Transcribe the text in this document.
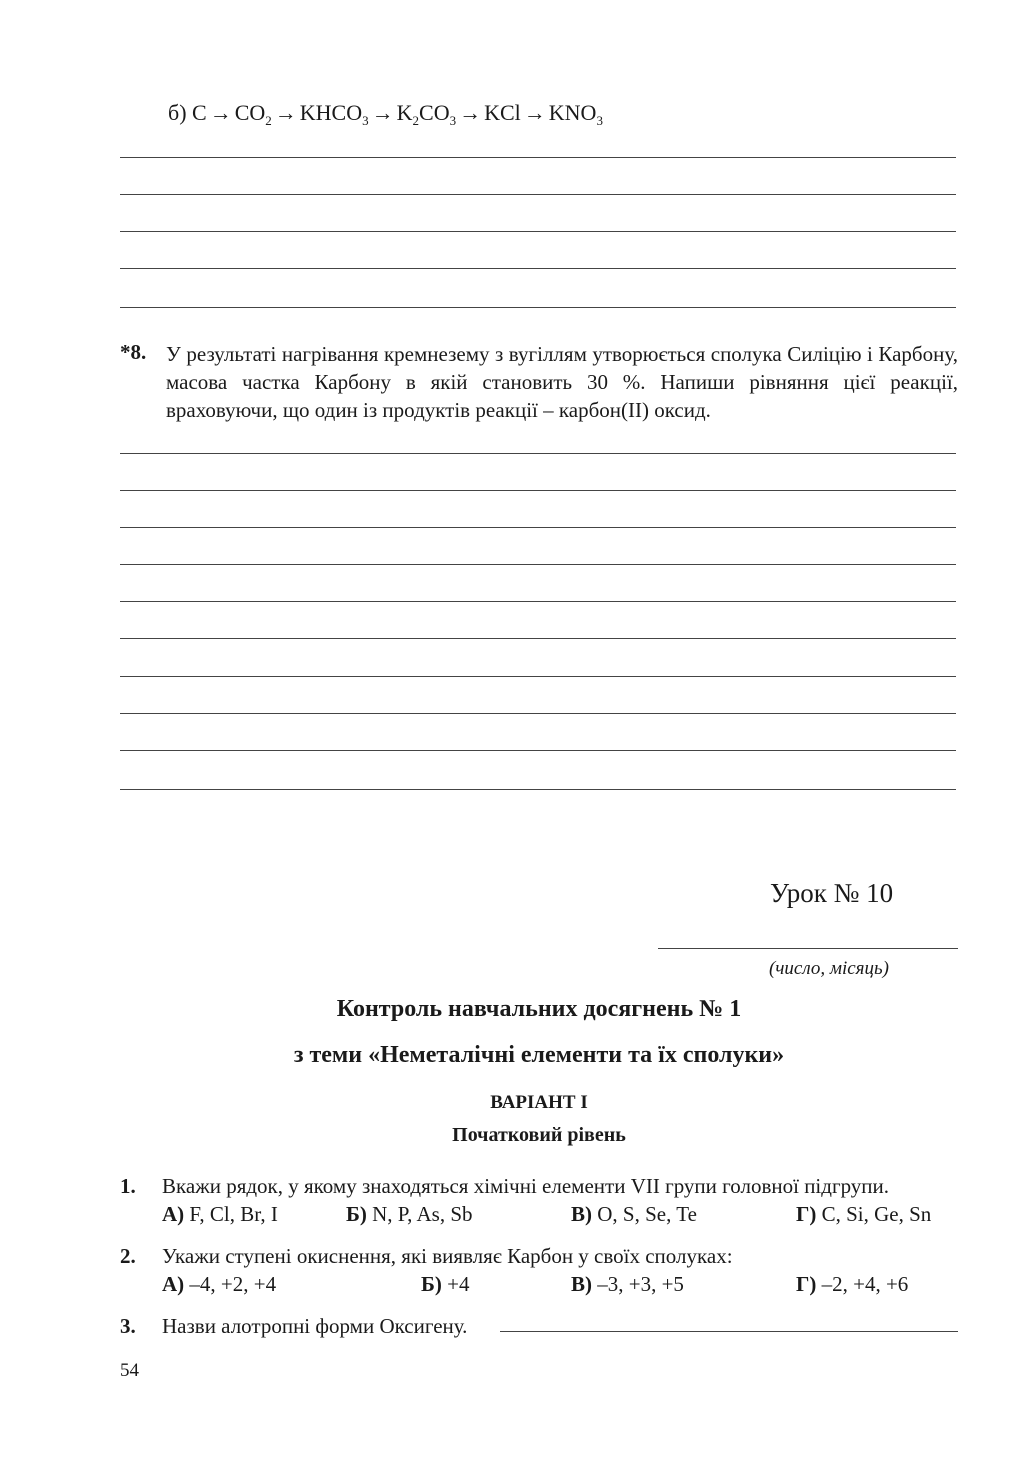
б) $C \to CO_2$ → $KHCO_3 \to K_2CO_3$ → KCl → $KNO_3$
*8. У результаті нагрівання кремнезему з вугіллям утворюється сполука Силіцію і Карбону, масова частка Карбону в якій становить 30 %. Напиши рівняння цієї реакції, враховуючи, що один із продуктів реакції – карбон(II) оксид.
Урок № 10
(число, місяць)
Контроль навчальних досягнень № 1
з теми «Неметалічні елементи та їх сполуки»
ВАРІАНТ І
Початковий рівень
1. Вкажи рядок, у якому знаходяться хімічні елементи VII групи головної підгрупи.
А) F, Cl, Br, I	Б) N, P, As, Sb	В) O, S, Se, Te	Г) C, Si, Ge, Sn
2. Укажи ступені окиснення, які виявляє Карбон у своїх сполуках:
А) –4, +2, +4	Б) +4	В) –3, +3, +5	Г) –2, +4, +6
3. Назви алотропні форми Оксигену.
54
